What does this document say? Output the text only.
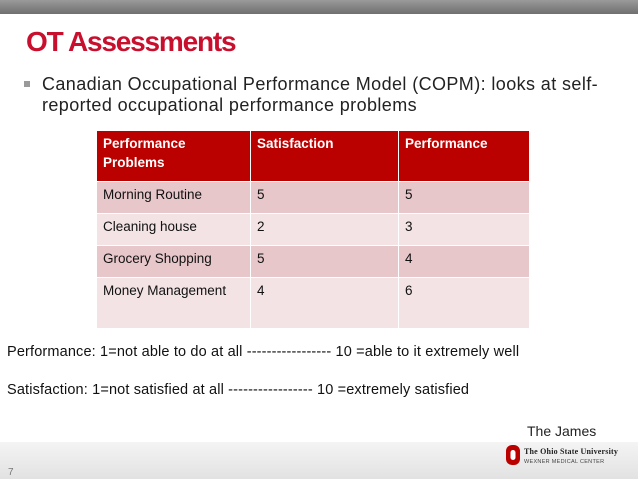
OT Assessments
Canadian Occupational Performance Model (COPM): looks at self-reported occupational performance problems
Performance Problems	Satisfaction	Performance
Morning Routine	5	5
Cleaning house	2	3
Grocery Shopping	5	4
Money Management	4	6
Performance: 1=not able to do at all ----------------- 10 =able to it extremely well
Satisfaction: 1=not satisfied at all ----------------- 10 =extremely satisfied
7
The James
The Ohio State University
WEXNER MEDICAL CENTER
